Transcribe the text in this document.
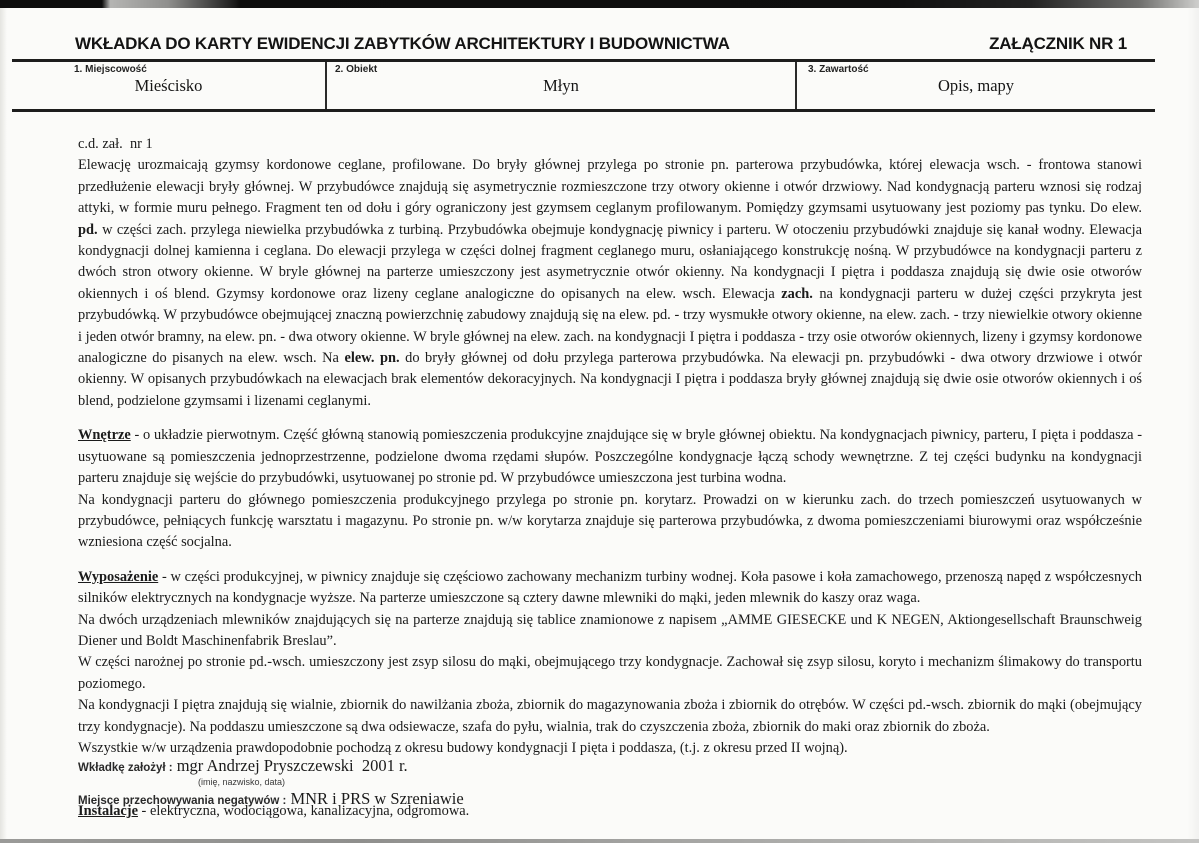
WKŁADKA DO KARTY EWIDENCJI ZABYTKÓW ARCHITEKTURY I BUDOWNICTWA	ZAŁĄCZNIK NR 1
1. Miejscowość
Mieścisko
2. Obiekt
Młyn
3. Zawartość
Opis, mapy
c.d. zał.  nr 1
Elewację urozmaicają gzymsy kordonowe ceglane, profilowane. Do bryły głównej przylega po stronie pn. parterowa przybudówka, której elewacja wsch. - frontowa stanowi przedłużenie elewacji bryły głównej. W przybudówce znajdują się asymetrycznie rozmieszczone trzy otwory okienne i otwór drzwiowy. Nad kondygnacją parteru wznosi się rodzaj attyki, w formie muru pełnego. Fragment ten od dołu i góry ograniczony jest gzymsem ceglanym profilowanym. Pomiędzy gzymsami usytuowany jest poziomy pas tynku. Do elew. pd. w części zach. przylega niewielka przybudówka z turbiną. Przybudówka obejmuje kondygnację piwnicy i parteru. W otoczeniu przybudówki znajduje się kanał wodny. Elewacja kondygnacji dolnej kamienna i ceglana. Do elewacji przylega w części dolnej fragment ceglanego muru, osłaniającego konstrukcję nośną. W przybudówce na kondygnacji parteru z dwóch stron otwory okienne. W bryle głównej na parterze umieszczony jest asymetrycznie otwór okienny. Na kondygnacji I piętra i poddasza znajdują się dwie osie otworów okiennych i oś blend. Gzymsy kordonowe oraz lizeny ceglane analogiczne do opisanych na elew. wsch. Elewacja zach. na kondygnacji parteru w dużej części przykryta jest przybudówką. W przybudówce obejmującej znaczną powierzchnię zabudowy znajdują się na elew. pd. - trzy wysmukłe otwory okienne, na elew. zach. - trzy niewielkie otwory okienne i jeden otwór bramny, na elew. pn. - dwa otwory okienne. W bryle głównej na elew. zach. na kondygnacji I piętra i poddasza - trzy osie otworów okiennych, lizeny i gzymsy kordonowe analogiczne do pisanych na elew. wsch. Na elew. pn. do bryły głównej od dołu przylega parterowa przybudówka. Na elewacji pn. przybudówki - dwa otwory drzwiowe i otwór okienny. W opisanych przybudówkach na elewacjach brak elementów dekoracyjnych. Na kondygnacji I piętra i poddasza bryły głównej znajdują się dwie osie otworów okiennych i oś blend, podzielone gzymsami i lizenami ceglanymi.
Wnętrze - o układzie pierwotnym. Część główną stanowią pomieszczenia produkcyjne znajdujące się w bryle głównej obiektu. Na kondygnacjach piwnicy, parteru, I pięta i poddasza - usytuowane są pomieszczenia jednoprzestrzenne, podzielone dwoma rzędami słupów. Poszczególne kondygnacje łączą schody wewnętrzne. Z tej części budynku na kondygnacji parteru znajduje się wejście do przybudówki, usytuowanej po stronie pd. W przybudówce umieszczona jest turbina wodna.
Na kondygnacji parteru do głównego pomieszczenia produkcyjnego przylega po stronie pn. korytarz. Prowadzi on w kierunku zach. do trzech pomieszczeń usytuowanych w przybudówce, pełniących funkcję warsztatu i magazynu. Po stronie pn. w/w korytarza znajduje się parterowa przybudówka, z dwoma pomieszczeniami biurowymi oraz współcześnie wzniesiona część socjalna.
Wyposażenie - w części produkcyjnej, w piwnicy znajduje się częściowo zachowany mechanizm turbiny wodnej. Koła pasowe i koła zamachowego, przenoszą napęd z współczesnych silników elektrycznych na kondygnacje wyższe. Na parterze umieszczone są cztery dawne mlewniki do mąki, jeden mlewnik do kaszy oraz waga.
Na dwóch urządzeniach mlewników znajdujących się na parterze znajdują się tablice znamionowe z napisem „AMME GIESECKE und K NEGEN, Aktiongesellschaft Braunschweig Diener und Boldt Maschinenfabrik Breslau”.
W części narożnej po stronie pd.-wsch. umieszczony jest zsyp silosu do mąki, obejmującego trzy kondygnacje. Zachował się zsyp silosu, koryto i mechanizm ślimakowy do transportu poziomego.
Na kondygnacji I piętra znajdują się wialnie, zbiornik do nawilżania zboża, zbiornik do magazynowania zboża i zbiornik do otrębów. W części pd.-wsch. zbiornik do mąki (obejmujący trzy kondygnacje). Na poddaszu umieszczone są dwa odsiewacze, szafa do pyłu, wialnia, trak do czyszczenia zboża, zbiornik do maki oraz zbiornik do zboża.
Wszystkie w/w urządzenia prawdopodobnie pochodzą z okresu budowy kondygnacji I pięta i poddasza, (t.j. z okresu przed II wojną).
Instalacje - elektryczna, wodociągowa, kanalizacyjna, odgromowa.
Wkładkę założył : mgr Andrzej Pryszczewski  2001 r.
(imię, nazwisko, data)
Miejsce przechowywania negatywów : MNR i PRS w Szreniawie
